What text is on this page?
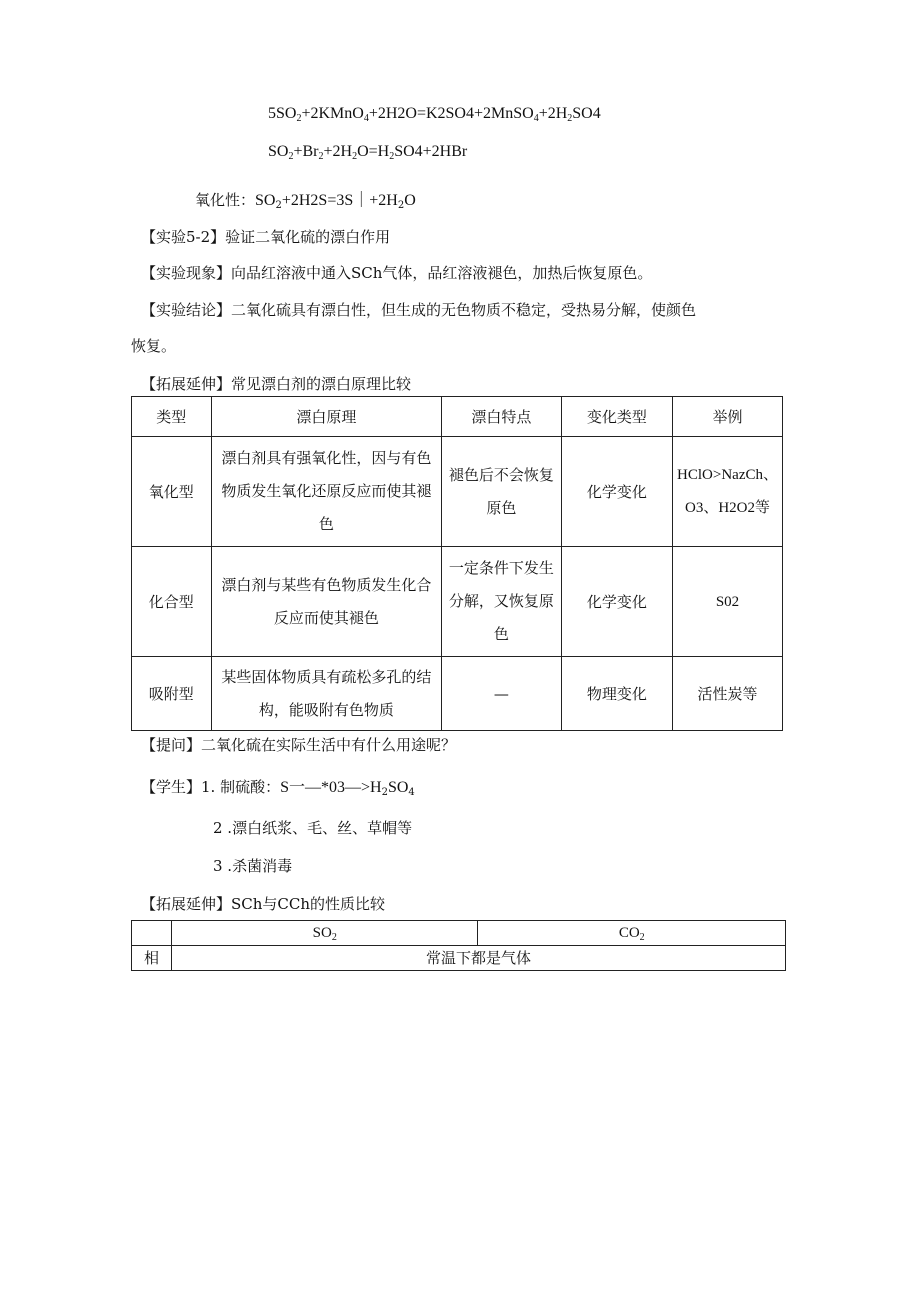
$5SO_2+2KMnO_4+2H2O=K2SO4+2MnSO_4+2H_2SO4$
$SO_2+Br_2+2H_2O=H_2SO4+2HBr$
氧化性：$SO_2+2H2S=3S|+2H_2O$
【实验5-2】验证二氧化硫的漂白作用
【实验现象】向品红溶液中通入SCh气体，品红溶液褪色，加热后恢复原色。
【实验结论】二氧化硫具有漂白性，但生成的无色物质不稳定，受热易分解，使颜色
恢复。
【拓展延伸】常见漂白剂的漂白原理比较
类型	漂白原理	漂白特点	变化类型	举例
氧化型	漂白剂具有强氧化性，因与有色物质发生氧化还原反应而使其褪色	褪色后不会恢复原色	化学变化	HClO>NazCh、O3、H2O2等
化合型	漂白剂与某些有色物质发生化合反应而使其褪色	一定条件下发生分解，又恢复原色	化学变化	S02
吸附型	某些固体物质具有疏松多孔的结构，能吸附有色物质	—	物理变化	活性炭等
【提问】二氧化硫在实际生活中有什么用途呢？
【学生】1. 制硫酸：S一$—*03—>H_2SO_4$
2 .漂白纸浆、毛、丝、草帽等
3 .杀菌消毒
【拓展延伸】SCh与CCh的性质比较
	$SO_2$	$CO_2$
相	常温下都是气体	
